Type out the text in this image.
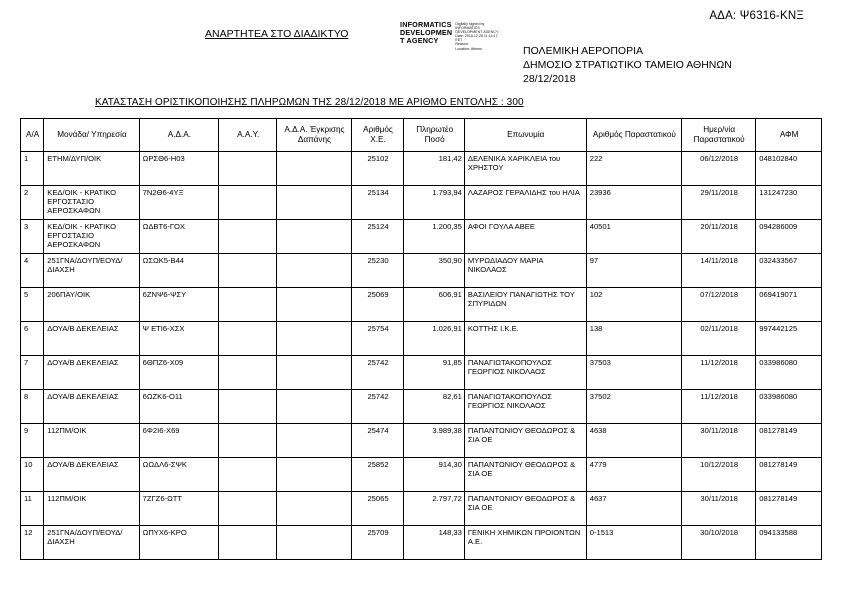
ΑΔΑ: Ψ6316-ΚΝΞ
ΑΝΑΡΤΗΤΕΑ ΣΤΟ ΔΙΑΔΙΚΤΥΟ
INFORMATICS
DEVELOPMEN
T AGENCY
Digitally signed by
INFORMATICS
DEVELOPMENT AGENCY
Date: 2018.12.28 11:14:17
EET
Reason:
Location: Athens	ΠΟΛΕΜΙΚΗ ΑΕΡΟΠΟΡΙΑ
ΔΗΜΟΣΙΟ ΣΤΡΑΤΙΩΤΙΚΟ ΤΑΜΕΙΟ ΑΘΗΝΩΝ
28/12/2018
ΚΑΤΑΣΤΑΣΗ ΟΡΙΣΤΙΚΟΠΟΙΗΣΗΣ ΠΛΗΡΩΜΩΝ ΤΗΣ 28/12/2018 ΜΕ ΑΡΙΘΜΟ ΕΝΤΟΛΗΣ : 300
Α/Α	Μονάδα/ Υπηρεσία	Α.Δ.Α.	Α.Α.Υ.	Α.Δ.Α. Έγκρισης Δαπάνης	Αριθμός Χ.Ε.	Πληρωτέο Ποσό	Επωνυμία	Αριθμός Παραστατικού	Ημερ/νία Παραστατικού	ΑΦΜ
1	ΕΤΗΜ/ΔΥΠ/ΟΙΚ	ΩΡΣΘ6-Η03			25102	181,42	ΔΕΛΕΝΙΚΑ ΧΑΡΙΚΛΕΙΑ του ΧΡΗΣΤΟΥ	222	06/12/2018	048102840
2	ΚΕΔ/ΟΙΚ - ΚΡΑΤΙΚΟ ΕΡΓΟΣΤΑΣΙΟ ΑΕΡΟΣΚΑΦΩΝ	7Ν2Θ6-4ΥΞ			25134	1.793,94	ΛΑΖΑΡΟΣ ΓΕΡΑΛΙΔΗΣ του ΗΛΙΑ	23936	29/11/2018	131247230
3	ΚΕΔ/ΟΙΚ - ΚΡΑΤΙΚΟ ΕΡΓΟΣΤΑΣΙΟ ΑΕΡΟΣΚΑΦΩΝ	ΩΔΒΤ6-ΓΟΧ			25124	1.200,35	ΑΦΟΙ ΓΟΥΛΑ ΑΒΕΕ	40501	20/11/2018	094286009
4	251ΓΝΑ/ΔΟΥΠ/ΕΟΥΔ/ΔΙΑΧΣΗ	ΩΣΩΚ5-Β44			25230	350,90	ΜΥΡΩΔΙΑΔΟΥ ΜΑΡΙΑ ΝΙΚΟΛΑΟΣ	97	14/11/2018	032433567
5	206ΠΑΥ/ΟΙΚ	6ΖΝΨ6-ΨΣΥ			25069	606,91	ΒΑΣΙΛΕΙΟΥ ΠΑΝΑΓΙΩΤΗΣ ΤΟΥ ΣΠΥΡΙΔΩΝ	102	07/12/2018	069419071
6	ΔΟΥΑ/Β ΔΕΚΕΛΕΙΑΣ	Ψ ΕΤΙ6-ΧΣΧ			25754	1.026,91	ΚΟΤΤΗΣ Ι.Κ.Ε.	138	02/11/2018	997442125
7	ΔΟΥΑ/Β ΔΕΚΕΛΕΙΑΣ	6ΘΠΖ6-Χ09			25742	91,85	ΠΑΝΑΓΙΩΤΑΚΟΠΟΥΛΟΣ ΓΕΩΡΓΙΟΣ ΝΙΚΟΛΑΟΣ	37503	11/12/2018	033986080
8	ΔΟΥΑ/Β ΔΕΚΕΛΕΙΑΣ	6ΩΖΚ6-Ο11			25742	82,61	ΠΑΝΑΓΙΩΤΑΚΟΠΟΥΛΟΣ ΓΕΩΡΓΙΟΣ ΝΙΚΟΛΑΟΣ	37502	11/12/2018	033986080
9	112ΠΜ/ΟΙΚ	6Φ2Ι6-Χ69			25474	3.989,38	ΠΑΠΑΝΤΩΝΙΟΥ ΘΕΟΔΩΡΟΣ & ΣΙΑ ΟΕ	4638	30/11/2018	081278149
10	ΔΟΥΑ/Β ΔΕΚΕΛΕΙΑΣ	ΩΩΔΛ6-ΣΨΚ			25852	914,30	ΠΑΠΑΝΤΩΝΙΟΥ ΘΕΟΔΩΡΟΣ & ΣΙΑ ΟΕ	4779	10/12/2018	081278149
11	112ΠΜ/ΟΙΚ	7ΖΓΖ6-ΩΤΤ			25065	2.797,72	ΠΑΠΑΝΤΩΝΙΟΥ ΘΕΟΔΩΡΟΣ & ΣΙΑ ΟΕ	4637	30/11/2018	081278149
12	251ΓΝΑ/ΔΟΥΠ/ΕΟΥΔ/ΔΙΑΧΣΗ	ΩΠΥΧ6-ΚΡΟ			25709	148,33	ΓΕΝΙΚΗ ΧΗΜΙΚΩΝ ΠΡΟΙΟΝΤΩΝ Α.Ε.	0-1513	30/10/2018	094133588
